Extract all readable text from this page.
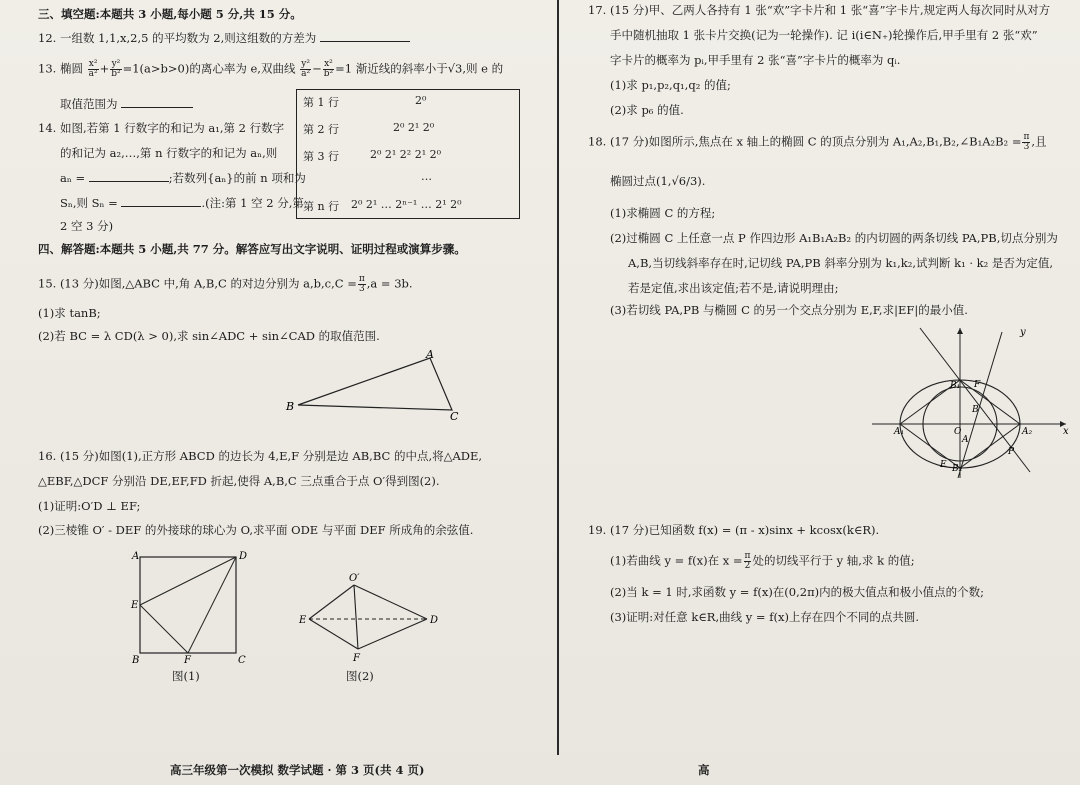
三、填空题:本题共 3 小题,每小题 5 分,共 15 分。
12. 一组数 1,1,x,2,5 的平均数为 2,则这组数的方差为
13. 椭圆 $\frac{\text{x²}}{\text{a²}} + \frac{\text{y²}}{\text{b²}} =1(a>b>0)$的离心率为 e,双曲线 $\frac{\text{y²}}{\text{a²}} - \frac{\text{x²}}{\text{b²}} =1$ 渐近线的斜率小于√3,则 e 的
取值范围为
14. 如图,若第 1 行数字的和记为 a₁,第 2 行数字
的和记为 a₂,…,第 n 行数字的和记为 aₙ,则
aₙ =	;若数列{aₙ}的前 n 项和为
Sₙ,则 Sₙ =	.(注:第 1 空 2 分,第
2 空 3 分)
第 1 行	2⁰
第 2 行	2⁰ 2¹ 2⁰
第 3 行	2⁰ 2¹ 2² 2¹ 2⁰
…
第 n 行 2⁰ 2¹ … 2ⁿ⁻¹ … 2¹ 2⁰
四、解答题:本题共 5 小题,共 77 分。解答应写出文字说明、证明过程或演算步骤。
15. (13 分)如图,△ABC 中,角 A,B,C 的对边分别为 $a,b,c,C = \frac{\pi}{3} ,a = 3b$.
(1)求 tanB;
(2)若 BC = λ CD(λ > 0),求 sin∠ADC + sin∠CAD 的取值范围.
B
A
C
16. (15 分)如图(1),正方形 ABCD 的边长为 4,E,F 分别是边 AB,BC 的中点,将△ADE,
△EBF,△DCF 分别沿 DE,EF,FD 折起,使得 A,B,C 三点重合于点 O′得到图(2).
(1)证明:O′D ⊥ EF;
(2)三棱锥 O′ - DEF 的外接球的球心为 O,求平面 ODE 与平面 DEF 所成角的余弦值.
A	D
E
B	F	C
O′
E	D
F
图(1)	图(2)
高三年级第一次模拟 数学试题 · 第 3 页(共 4 页)
17. (15 分)甲、乙两人各持有 1 张“欢”字卡片和 1 张“喜”字卡片,规定两人每次同时从对方
手中随机抽取 1 张卡片交换(记为一轮操作). 记 i(i∈N₊)轮操作后,甲手里有 2 张“欢”
字卡片的概率为 pᵢ,甲手里有 2 张“喜”字卡片的概率为 qᵢ.
(1)求 p₁,p₂,q₁,q₂ 的值;
(2)求 p₆ 的值.
18. (17 分)如图所示,焦点在 x 轴上的椭圆 C 的顶点分别为 A₁,A₂,B₁,B₂,∠B₁A₂B₂ = $\frac{\pi}{3}$ ,且
椭圆过点(1,√6/3).
(1)求椭圆 C 的方程;
(2)过椭圆 C 上任意一点 P 作四边形 A₁B₁A₂B₂ 的内切圆的两条切线 PA,PB,切点分别为
A,B,当切线斜率存在时,记切线 PA,PB 斜率分别为 k₁,k₂,试判断 k₁ · k₂ 是否为定值,
若是定值,求出该定值;若不是,请说明理由;
(3)若切线 PA,PB 与椭圆 C 的另一个交点分别为 E,F,求|EF|的最小值.
y
x
B₁ F
B
A₁	A₂
O
A
P
E B₂
19. (17 分)已知函数 f(x) = (π - x)sinx + kcosx(k∈R).
(1)若曲线 y = f(x)在 $x = \frac{\pi}{2}$ 处的切线平行于 y 轴,求 k 的值;
(2)当 k = 1 时,求函数 y = f(x)在(0,2π)内的极大值点和极小值点的个数;
(3)证明:对任意 k∈R,曲线 y = f(x)上存在四个不同的点共圆.
高
